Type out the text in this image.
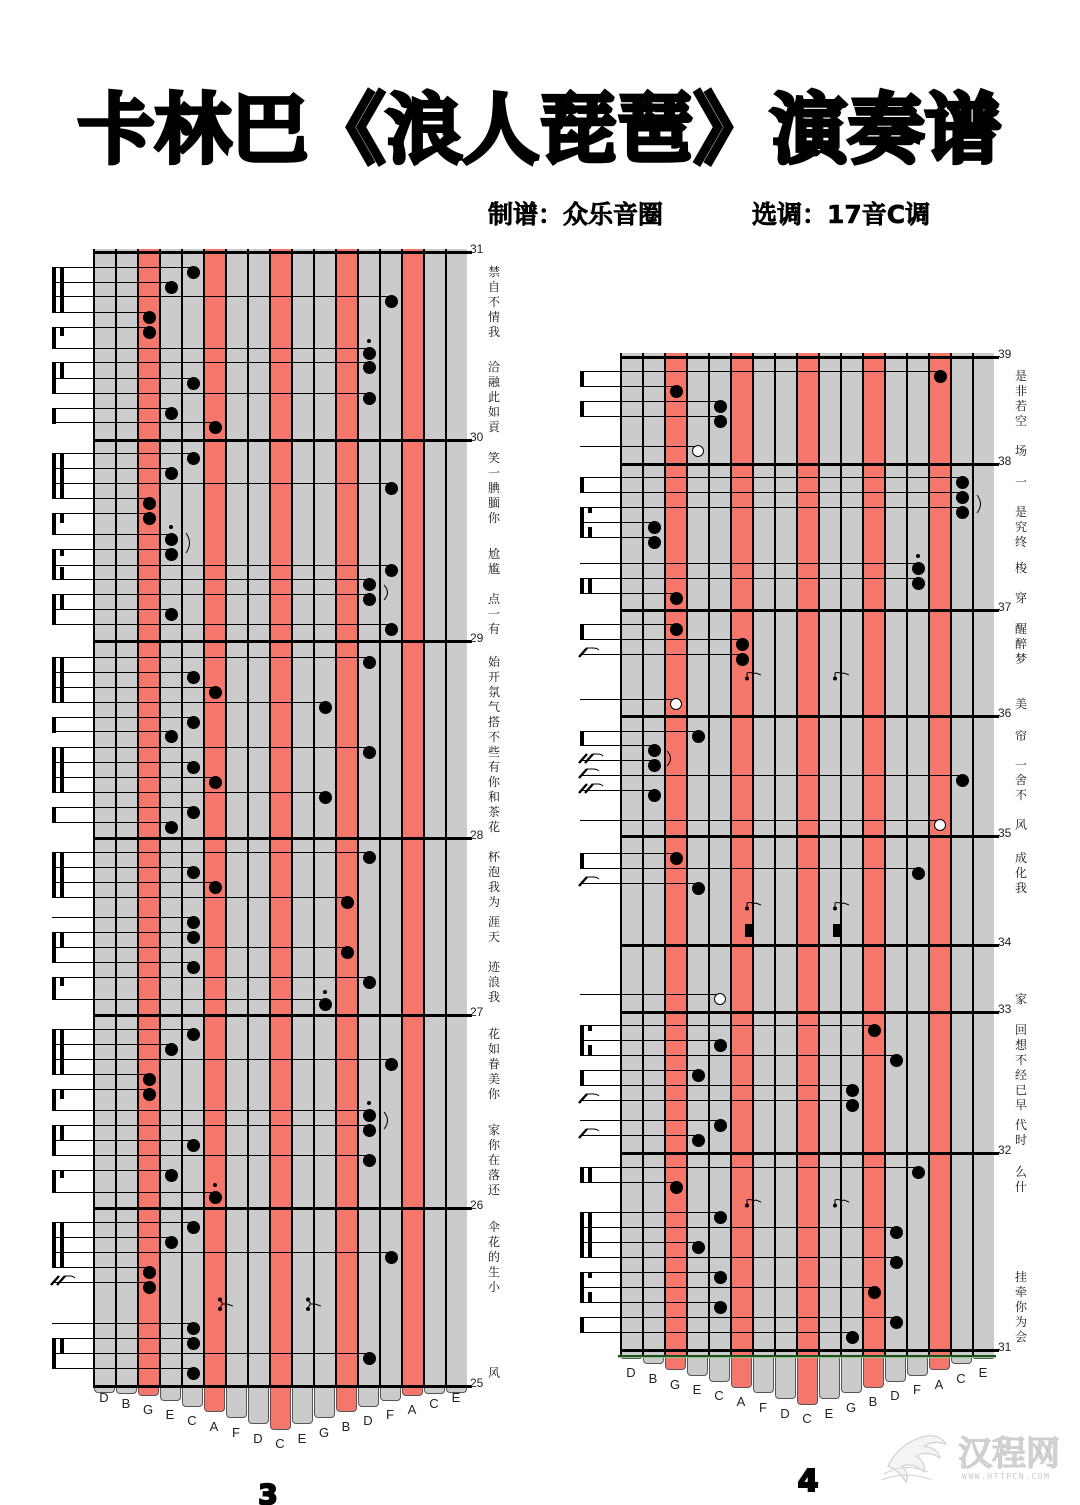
卡林巴《浪人琵琶》演奏谱
制谱：众乐音圈	选调：17音C调
D B G E C A	F	D C E G B D	F	A C E
31
30
29
28
27
26
25
禁
自
不
情
我
洽
融
此
如
貢
笑
一
腆
腼
你
尬
尴
点
一
有
始
开
氛
气
搭
不
些
有
你
和
茶
花
杯
泡
我
为
涯
天
迹
浪
我
花
如
眷
美
你
家
你
在
落
还
伞
花
的
生
小
风	D B G E C A	F	D C E G B D	F	A C E
39
38
37
36
35
34
33
32
31
是
非
若
空
场
一
是
究
终
梭
穿
醒
醉
梦
美
帘
一
舍
不
风
成
化
我
家
回
想
不
经
已
早
代
时
么
什
挂
牵
你
为
会
3	4
汉程网
WWW.HTTPCN.COM
